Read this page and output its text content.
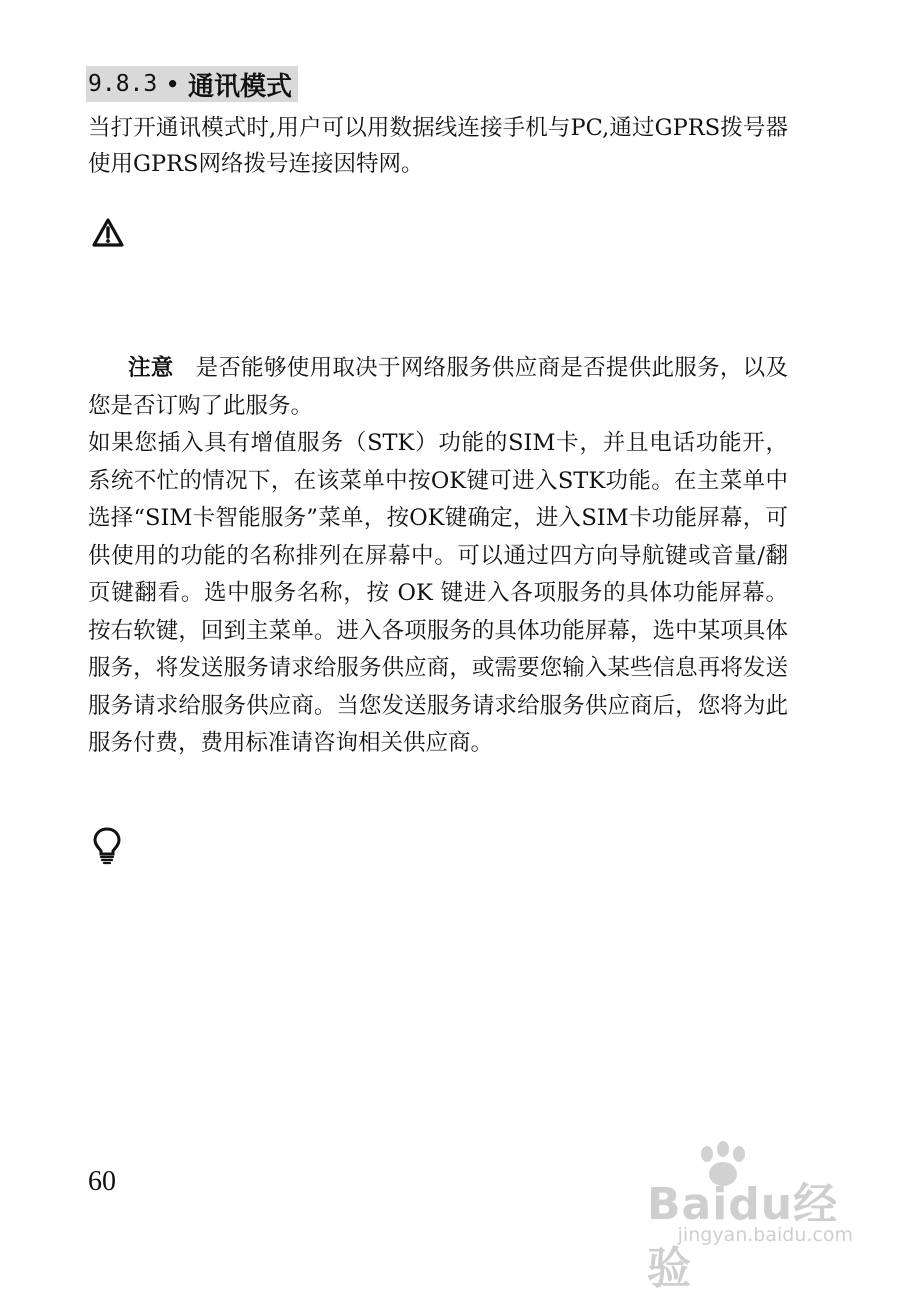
9.8.3 • 通讯模式
当打开通讯模式时,用户可以用数据线连接手机与PC,通过GPRS拨号器使用GPRS网络拨号连接因特网。
注意 是否能够使用取决于网络服务供应商是否提供此服务，以及您是否订购了此服务。
如果您插入具有增值服务（STK）功能的SIM卡，并且电话功能开，系统不忙的情况下，在该菜单中按OK键可进入STK功能。在主菜单中选择“SIM卡智能服务”菜单，按OK键确定，进入SIM卡功能屏幕，可供使用的功能的名称排列在屏幕中。可以通过四方向导航键或音量/翻页键翻看。选中服务名称，按 OK 键进入各项服务的具体功能屏幕。按右软键，回到主菜单。进入各项服务的具体功能屏幕，选中某项具体服务，将发送服务请求给服务供应商，或需要您输入某些信息再将发送服务请求给服务供应商。当您发送服务请求给服务供应商后，您将为此服务付费，费用标准请咨询相关供应商。
60	Baidu经验
jingyan.baidu.com
